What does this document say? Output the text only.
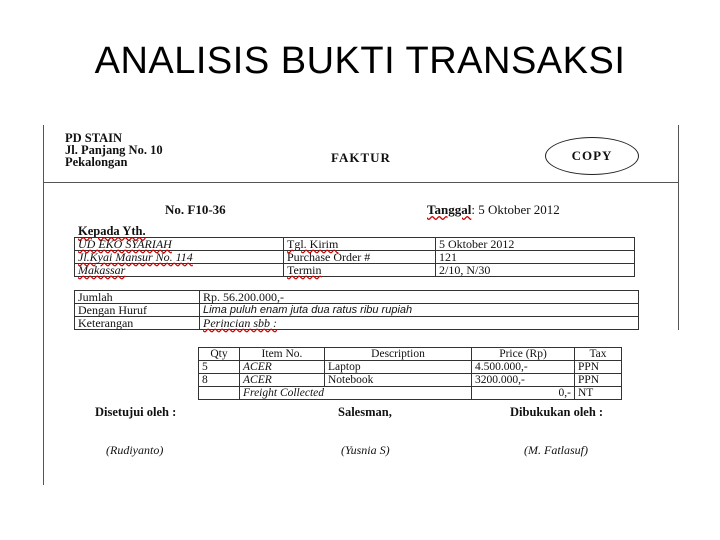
ANALISIS BUKTI TRANSAKSI
PD STAIN
Jl. Panjang No. 10
Pekalongan	FAKTUR	COPY
No. F10-36	Tanggal: 5 Oktober 2012
Kepada Yth.
UD EKO SYARIAH	Tgl. Kirim	5 Oktober 2012
Jl.Kyai Mansur No. 114	Purchase Order #	121
Makassar	Termin	2/10, N/30
Jumlah	Rp. 56.200.000,-
Dengan Huruf	Lima puluh enam juta dua ratus ribu rupiah
Keterangan	Perincian sbb :
Qty	Item No.	Description	Price (Rp)	Tax
5	ACER	Laptop	4.500.000,-	PPN
8	ACER	Notebook	3200.000,-	PPN
	Freight Collected		0,-	NT
Disetujui oleh :	Salesman,	Dibukukan oleh :
(Rudiyanto)	(Yusnia S)	(M. Fatlasuf)
